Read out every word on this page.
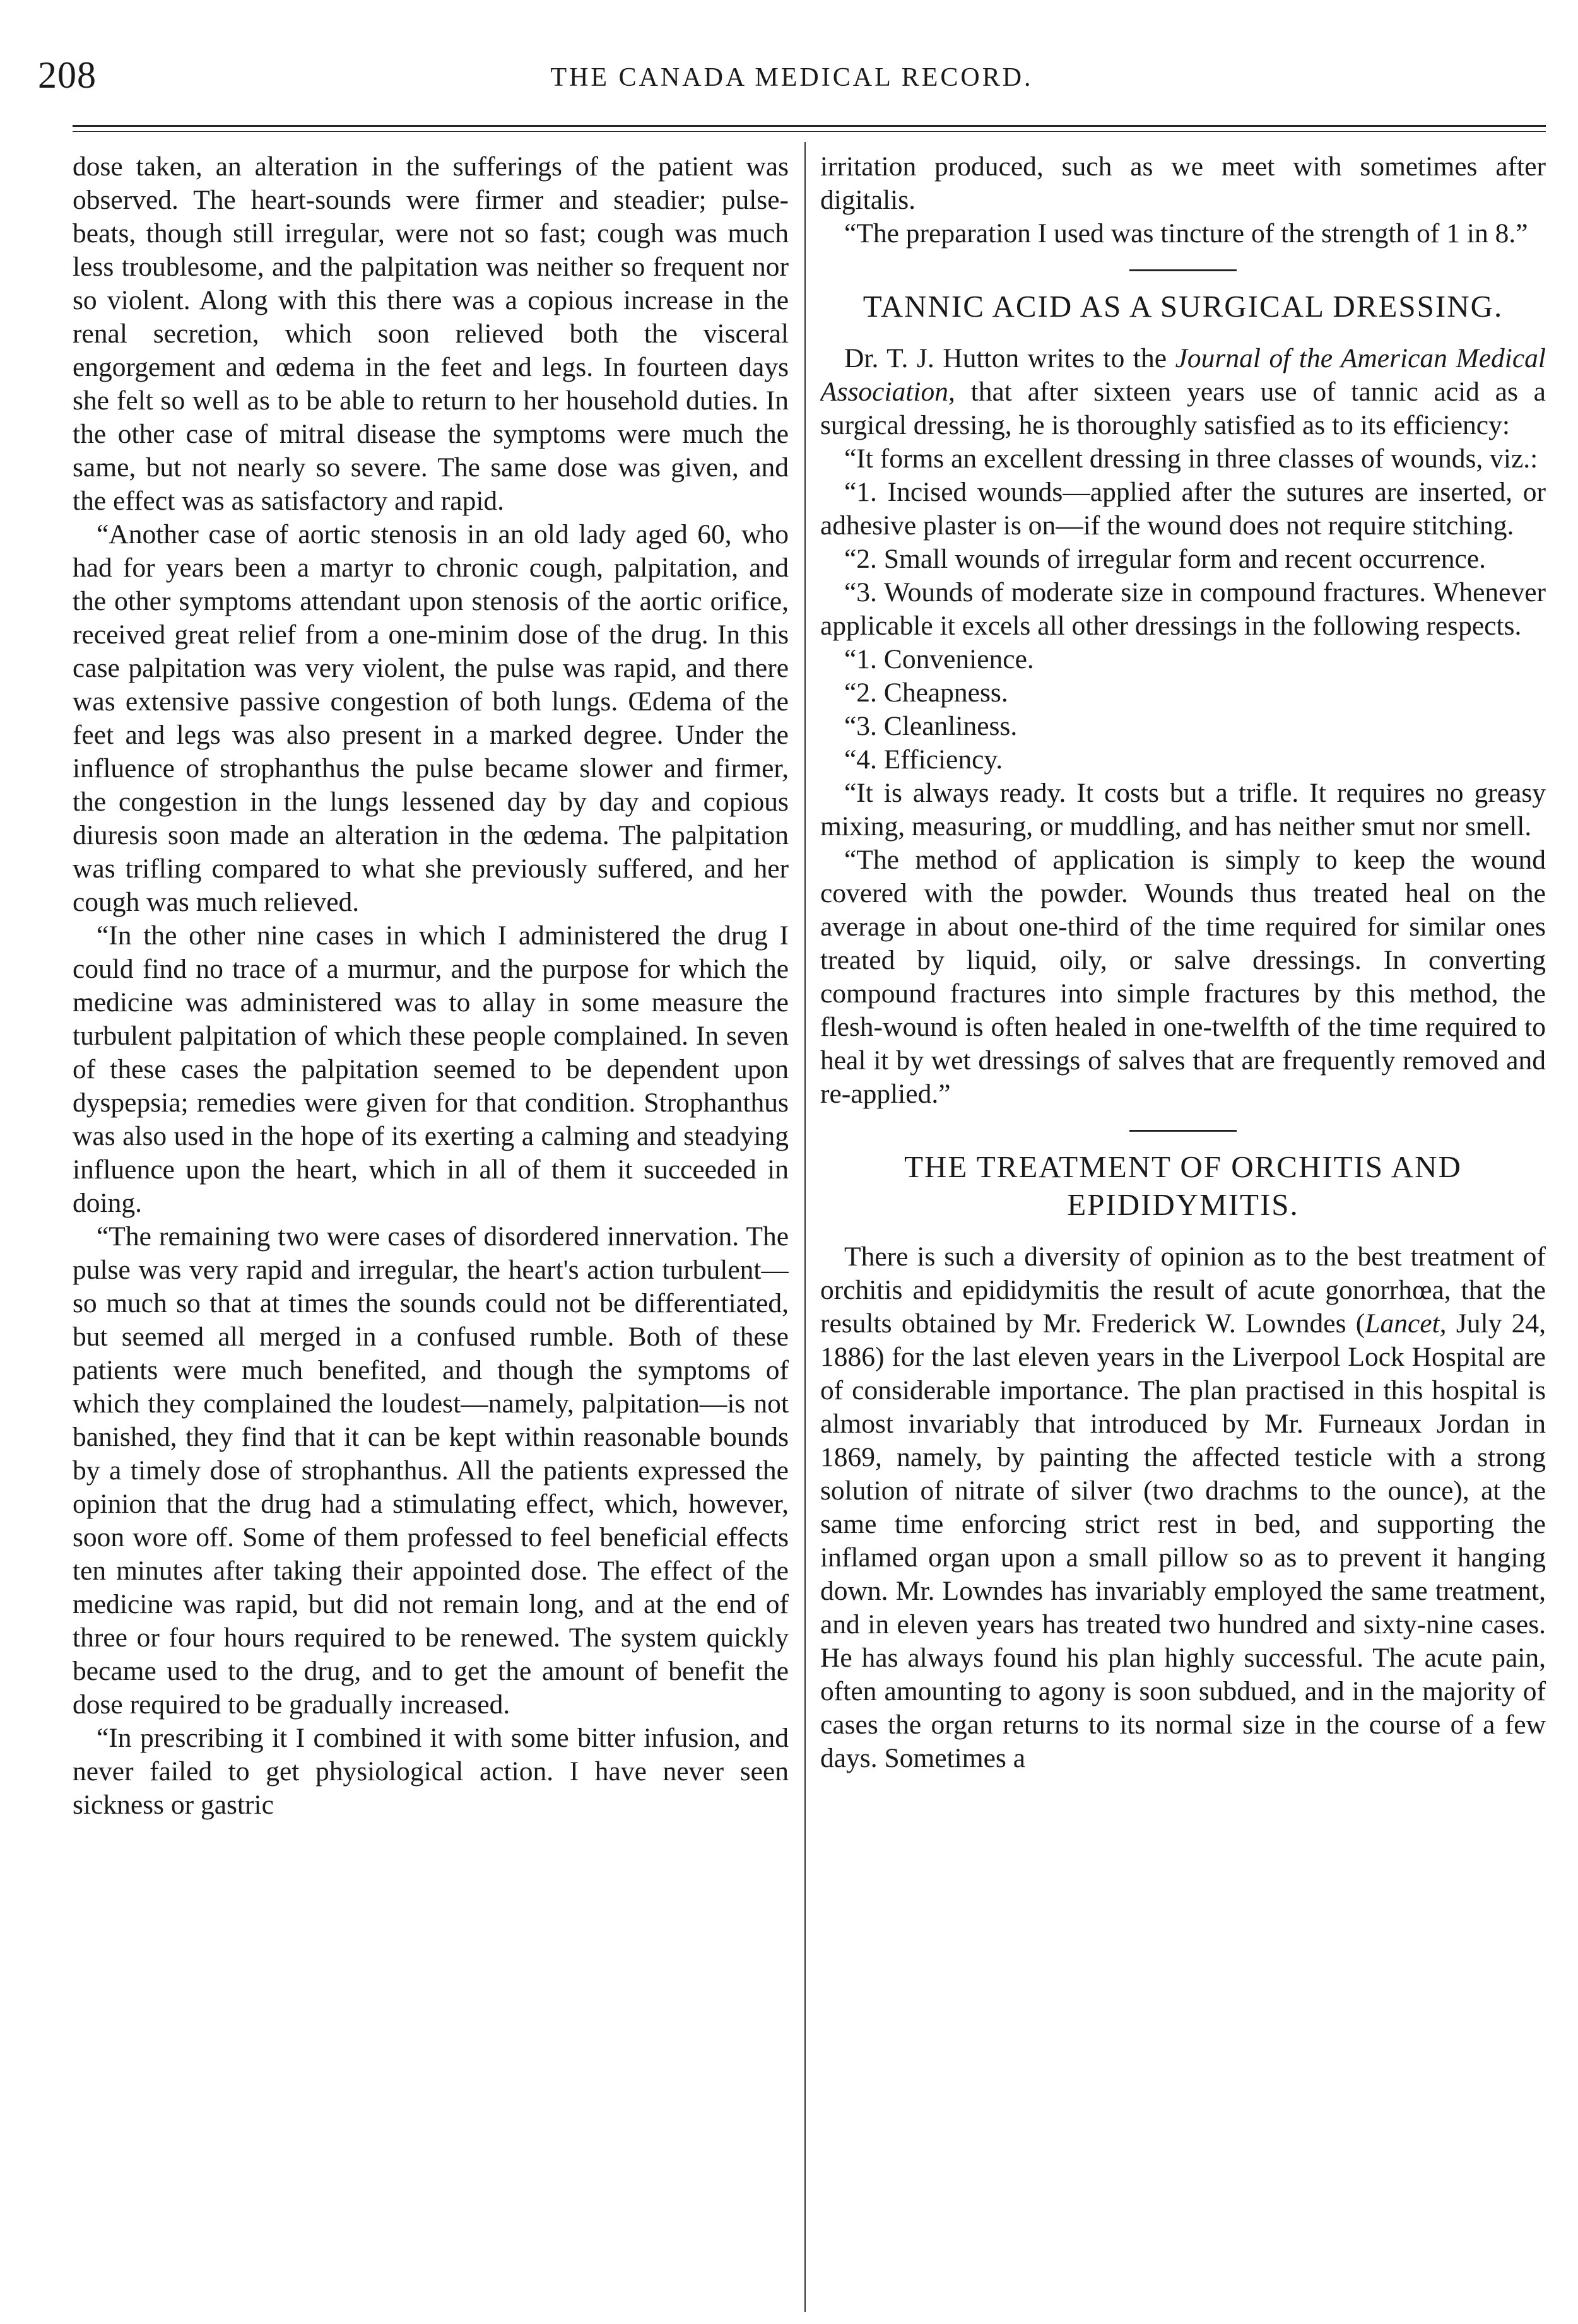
208	THE CANADA MEDICAL RECORD.

dose taken, an alteration in the sufferings of the patient was observed. The heart-sounds were firmer and steadier; pulse-beats, though still irregular, were not so fast; cough was much less troublesome, and the palpitation was neither so frequent nor so violent. Along with this there was a copious increase in the renal secretion, which soon relieved both the visceral engorgement and œdema in the feet and legs. In fourteen days she felt so well as to be able to return to her household duties. In the other case of mitral disease the symptoms were much the same, but not nearly so severe. The same dose was given, and the effect was as satisfactory and rapid.

“Another case of aortic stenosis in an old lady aged 60, who had for years been a martyr to chronic cough, palpitation, and the other symptoms attendant upon stenosis of the aortic orifice, received great relief from a one-minim dose of the drug. In this case palpitation was very violent, the pulse was rapid, and there was extensive passive congestion of both lungs. Œdema of the feet and legs was also present in a marked degree. Under the influence of strophanthus the pulse became slower and firmer, the congestion in the lungs lessened day by day and copious diuresis soon made an alteration in the œdema. The palpitation was trifling compared to what she previously suffered, and her cough was much relieved.

“In the other nine cases in which I administered the drug I could find no trace of a murmur, and the purpose for which the medicine was administered was to allay in some measure the turbulent palpitation of which these people complained. In seven of these cases the palpitation seemed to be dependent upon dyspepsia; remedies were given for that condition. Strophanthus was also used in the hope of its exerting a calming and steadying influence upon the heart, which in all of them it succeeded in doing.

“The remaining two were cases of disordered innervation. The pulse was very rapid and irregular, the heart's action turbulent—so much so that at times the sounds could not be differentiated, but seemed all merged in a confused rumble. Both of these patients were much benefited, and though the symptoms of which they complained the loudest—namely, palpitation—is not banished, they find that it can be kept within reasonable bounds by a timely dose of strophanthus. All the patients expressed the opinion that the drug had a stimulating effect, which, however, soon wore off. Some of them professed to feel beneficial effects ten minutes after taking their appointed dose. The effect of the medicine was rapid, but did not remain long, and at the end of three or four hours required to be renewed. The system quickly became used to the drug, and to get the amount of benefit the dose required to be gradually increased.

“In prescribing it I combined it with some bitter infusion, and never failed to get physiological action. I have never seen sickness or gastric

irritation produced, such as we meet with sometimes after digitalis.

“The preparation I used was tincture of the strength of 1 in 8.”

TANNIC ACID AS A SURGICAL DRESSING.

Dr. T. J. Hutton writes to the Journal of the American Medical Association, that after sixteen years use of tannic acid as a surgical dressing, he is thoroughly satisfied as to its efficiency:

“It forms an excellent dressing in three classes of wounds, viz.:

“1. Incised wounds—applied after the sutures are inserted, or adhesive plaster is on—if the wound does not require stitching.

“2. Small wounds of irregular form and recent occurrence.

“3. Wounds of moderate size in compound fractures. Whenever applicable it excels all other dressings in the following respects.

“1. Convenience.

“2. Cheapness.

“3. Cleanliness.

“4. Efficiency.

“It is always ready. It costs but a trifle. It requires no greasy mixing, measuring, or muddling, and has neither smut nor smell.

“The method of application is simply to keep the wound covered with the powder. Wounds thus treated heal on the average in about one-third of the time required for similar ones treated by liquid, oily, or salve dressings. In converting compound fractures into simple fractures by this method, the flesh-wound is often healed in one-twelfth of the time required to heal it by wet dressings of salves that are frequently removed and re-applied.”

THE TREATMENT OF ORCHITIS AND
EPIDIDYMITIS.

There is such a diversity of opinion as to the best treatment of orchitis and epididymitis the result of acute gonorrhœa, that the results obtained by Mr. Frederick W. Lowndes (Lancet, July 24, 1886) for the last eleven years in the Liverpool Lock Hospital are of considerable importance. The plan practised in this hospital is almost invariably that introduced by Mr. Furneaux Jordan in 1869, namely, by painting the affected testicle with a strong solution of nitrate of silver (two drachms to the ounce), at the same time enforcing strict rest in bed, and supporting the inflamed organ upon a small pillow so as to prevent it hanging down. Mr. Lowndes has invariably employed the same treatment, and in eleven years has treated two hundred and sixty-nine cases. He has always found his plan highly successful. The acute pain, often amounting to agony is soon subdued, and in the majority of cases the organ returns to its normal size in the course of a few days. Sometimes a
